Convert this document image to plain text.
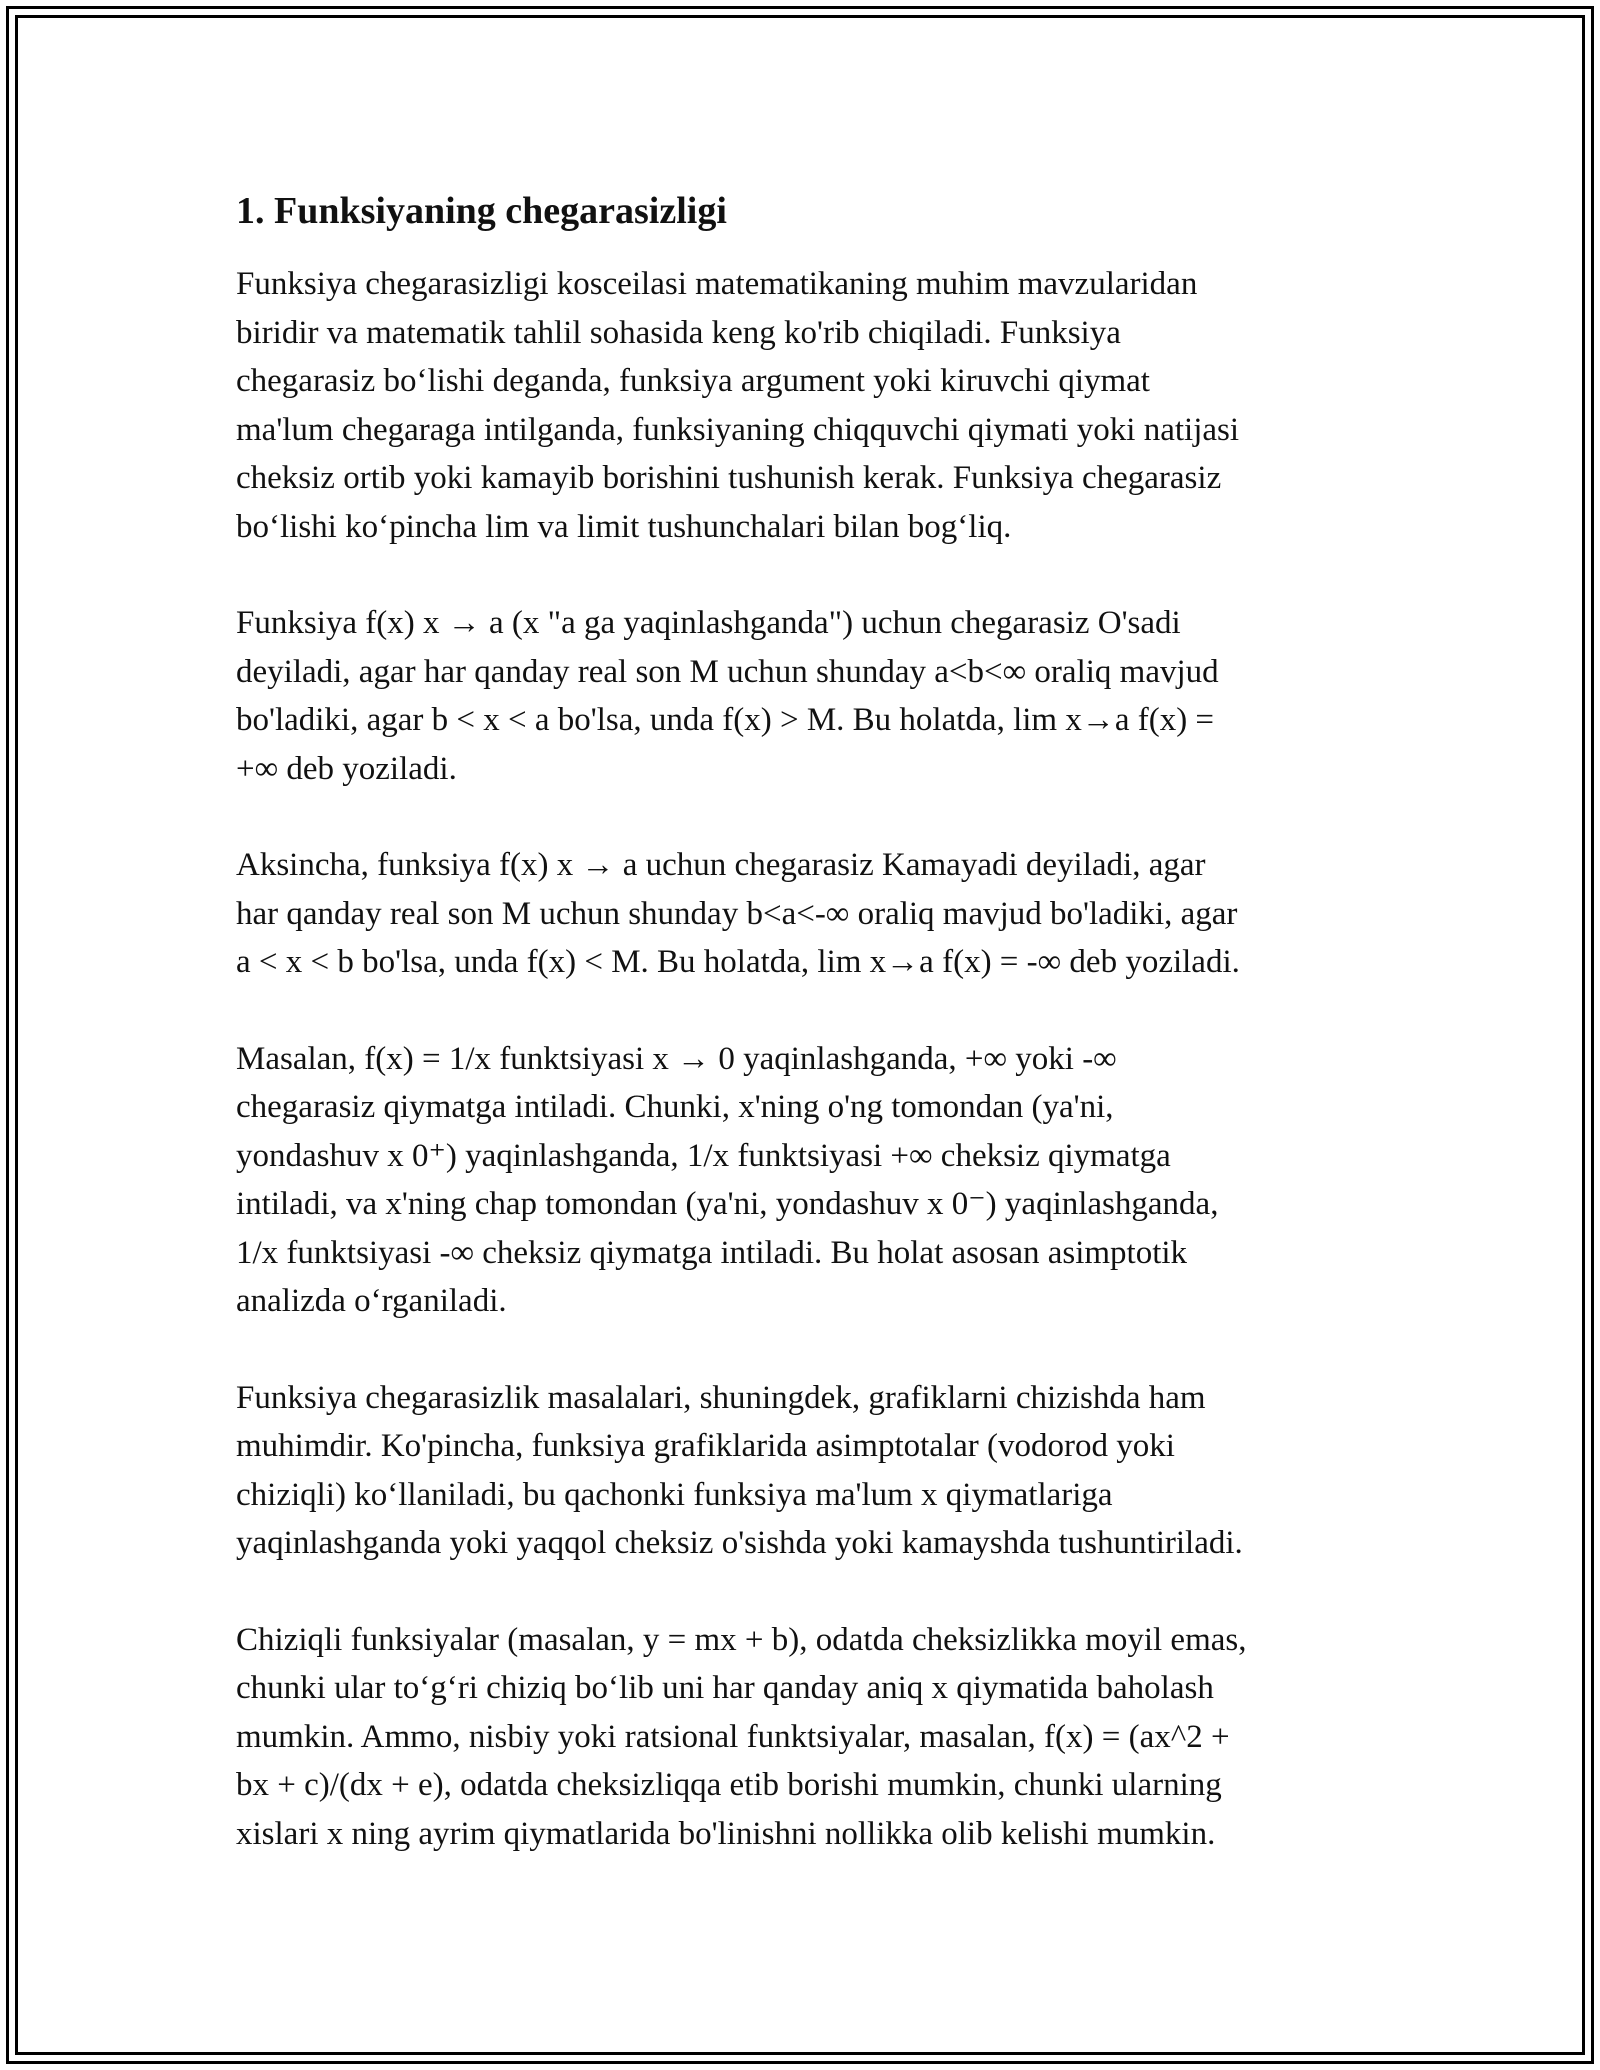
1. Funksiyaning chegarasizligi

Funksiya chegarasizligi kosceilasi matematikaning muhim mavzularidan
biridir va matematik tahlil sohasida keng ko'rib chiqiladi. Funksiya
chegarasiz bo‘lishi deganda, funksiya argument yoki kiruvchi qiymat
ma'lum chegaraga intilganda, funksiyaning chiqquvchi qiymati yoki natijasi
cheksiz ortib yoki kamayib borishini tushunish kerak. Funksiya chegarasiz
bo‘lishi ko‘pincha lim va limit tushunchalari bilan bog‘liq.

Funksiya f(x) x → a (x "a ga yaqinlashganda") uchun chegarasiz O'sadi
deyiladi, agar har qanday real son M uchun shunday a<b<∞ oraliq mavjud
bo'ladiki, agar b < x < a bo'lsa, unda f(x) > M. Bu holatda, lim x→a f(x) =
+∞ deb yoziladi.

Aksincha, funksiya f(x) x → a uchun chegarasiz Kamayadi deyiladi, agar
har qanday real son M uchun shunday b<a<-∞ oraliq mavjud bo'ladiki, agar
a < x < b bo'lsa, unda f(x) < M. Bu holatda, lim x→a f(x) = -∞ deb yoziladi.

Masalan, f(x) = 1/x funktsiyasi x → 0 yaqinlashganda, +∞ yoki -∞
chegarasiz qiymatga intiladi. Chunki, x'ning o'ng tomondan (ya'ni,
yondashuv x 0⁺) yaqinlashganda, 1/x funktsiyasi +∞ cheksiz qiymatga
intiladi, va x'ning chap tomondan (ya'ni, yondashuv x 0⁻) yaqinlashganda,
1/x funktsiyasi -∞ cheksiz qiymatga intiladi. Bu holat asosan asimptotik
analizda o‘rganiladi.

Funksiya chegarasizlik masalalari, shuningdek, grafiklarni chizishda ham
muhimdir. Ko'pincha, funksiya grafiklarida asimptotalar (vodorod yoki
chiziqli) ko‘llaniladi, bu qachonki funksiya ma'lum x qiymatlariga
yaqinlashganda yoki yaqqol cheksiz o'sishda yoki kamayshda tushuntiriladi.

Chiziqli funksiyalar (masalan, y = mx + b), odatda cheksizlikka moyil emas,
chunki ular to‘g‘ri chiziq bo‘lib uni har qanday aniq x qiymatida baholash
mumkin. Ammo, nisbiy yoki ratsional funktsiyalar, masalan, f(x) = (ax^2 +
bx + c)/(dx + e), odatda cheksizliqqa etib borishi mumkin, chunki ularning
xislari x ning ayrim qiymatlarida bo'linishni nollikka olib kelishi mumkin.
